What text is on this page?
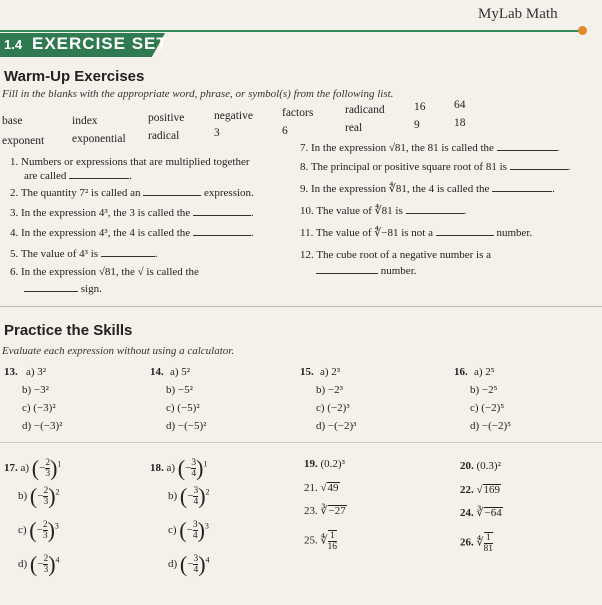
MyLab Math
1.4 EXERCISE SET
Warm-Up Exercises
Fill in the blanks with the appropriate word, phrase, or symbol(s) from the following list.
base	index	positive	negative	factors	radicand	16 64
exponent exponential radical	3	6	real	9	18
1. Numbers or expressions that are multiplied together
are called	.
2. The quantity 7² is called an	expression.
3. In the expression 4³, the 3 is called the	.
4. In the expression 4³, the 4 is called the	.
5. The value of 4³ is	.
6. In the expression √81, the √ is called the
sign.
7. In the expression √81, the 81 is called the	.
8. The principal or positive square root of 81 is	.
9. In the expression ∜81, the 4 is called the	.
10. The value of ∜81 is	.
11. The value of ∜−81 is not a	number.
12. The cube root of a negative number is a
number.
Practice the Skills
Evaluate each expression without using a calculator.
13. a) 3²
b) −3²
c) (−3)²
d) −(−3)²
14. a) 5²
b) −5²
c) (−5)²
d) −(−5)²
15. a) 2³
b) −2³
c) (−2)³
d) −(−2)³
16. a) 2⁵
b) −2⁵
c) (−2)⁵
d) −(−2)⁵
17. a) (− $\frac{2}{3} )^1$
b) (− $\frac{2}{3} )^2$
c) (− $\frac{2}{3} )^3$
d) (− $\frac{2}{3} )^4$
18. a) (− $\frac{3}{4} )^1$
b) (− $\frac{3}{4} )^2$
c) (− $\frac{3}{4} )^3$
d) (− $\frac{3}{4} )^4$
19. (0.2)³	20. (0.3)²
21. √49	22. √169
23. ∛−27	24. ∛−64
25. ∜ $\frac{1}{16}$	26. ∜ $\frac{1}{81}$
